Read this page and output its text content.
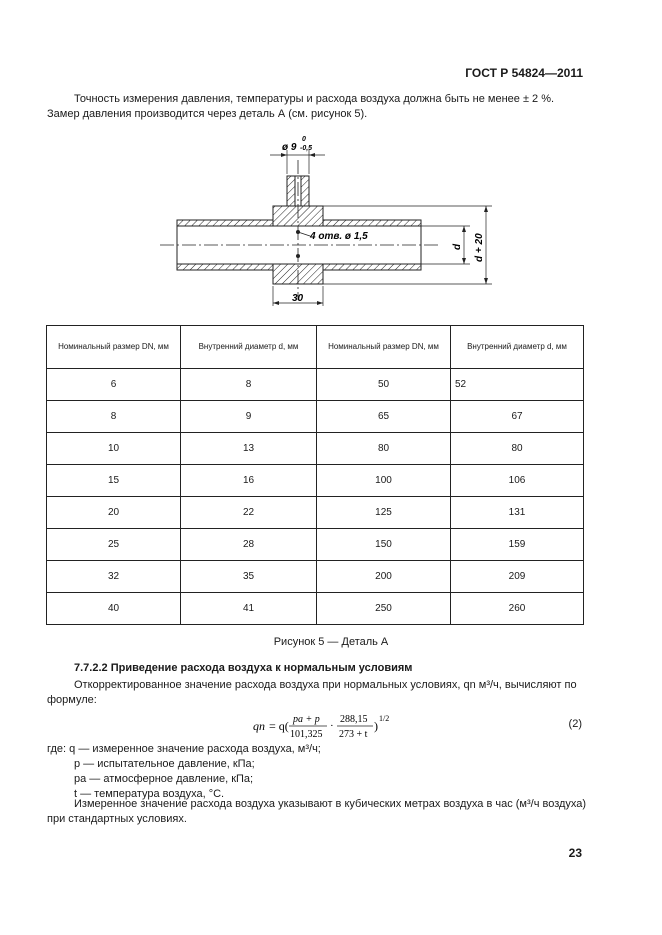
ГОСТ Р 54824—2011
Точность измерения давления, температуры и расхода воздуха должна быть не менее ± 2 %.
Замер давления производится через деталь А (см. рисунок 5).
4 отв. ø 1,5
ø 9
0
-0,5
30
d d + 20
Номинальный размер DN, мм	Внутренний диаметр d, мм	Номинальный размер DN, мм	Внутренний диаметр d, мм
6	8	50	52
8	9	65	67
10	13	80	80
15	16	100	106
20	22	125	131
25	28	150	159
32	35	200	209
40	41	250	260
Рисунок 5 — Деталь А
7.7.2.2 Приведение расхода воздуха к нормальным условиям
Откорректированное значение расхода воздуха при нормальных условиях, qn м³/ч, вычисляют по формуле:
qn = q( pa + p
101,325
·
288,15
273 + t
)
1/2	(2)
где: q — измеренное значение расхода воздуха, м³/ч;
p — испытательное давление, кПа;
pa — атмосферное давление, кПа;
t — температура воздуха, °С.
Измеренное значение расхода воздуха указывают в кубических метрах воздуха в час (м³/ч воздуха) при стандартных условиях.
23
